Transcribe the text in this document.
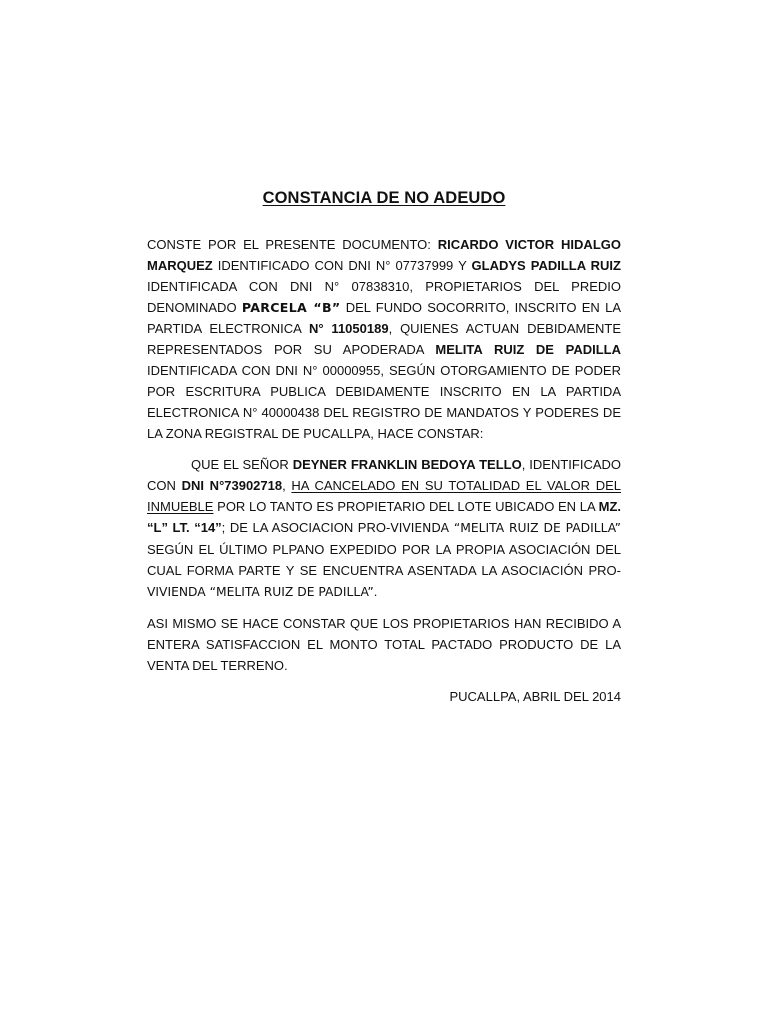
CONSTANCIA DE NO ADEUDO

CONSTE POR EL PRESENTE DOCUMENTO: RICARDO VICTOR HIDALGO MARQUEZ IDENTIFICADO CON DNI N° 07737999 Y GLADYS PADILLA RUIZ IDENTIFICADA CON DNI N° 07838310, PROPIETARIOS DEL PREDIO DENOMINADO PARCELA “B” DEL FUNDO SOCORRITO, INSCRITO EN LA PARTIDA ELECTRONICA N° 11050189, QUIENES ACTUAN DEBIDAMENTE REPRESENTADOS POR SU APODERADA MELITA RUIZ DE PADILLA IDENTIFICADA CON DNI N° 00000955, SEGÚN OTORGAMIENTO DE PODER POR ESCRITURA PUBLICA DEBIDAMENTE INSCRITO EN LA PARTIDA ELECTRONICA N° 40000438 DEL REGISTRO DE MANDATOS Y PODERES DE LA ZONA REGISTRAL DE PUCALLPA, HACE CONSTAR:

QUE EL SEÑOR DEYNER FRANKLIN BEDOYA TELLO, IDENTIFICADO CON DNI N°73902718, HA CANCELADO EN SU TOTALIDAD EL VALOR DEL INMUEBLE POR LO TANTO ES PROPIETARIO DEL LOTE UBICADO EN LA MZ. “L” LT. “14”; DE LA ASOCIACION PRO-VIVIENDA “MELITA RUIZ DE PADILLA” SEGÚN EL ÚLTIMO PLPANO EXPEDIDO POR LA PROPIA ASOCIACIÓN DEL CUAL FORMA PARTE Y SE ENCUENTRA ASENTADA LA ASOCIACIÓN PRO-VIVIENDA “MELITA RUIZ DE PADILLA”.

ASI MISMO SE HACE CONSTAR QUE LOS PROPIETARIOS HAN RECIBIDO A ENTERA SATISFACCION EL MONTO TOTAL PACTADO PRODUCTO DE LA VENTA DEL TERRENO.

PUCALLPA, ABRIL DEL 2014
